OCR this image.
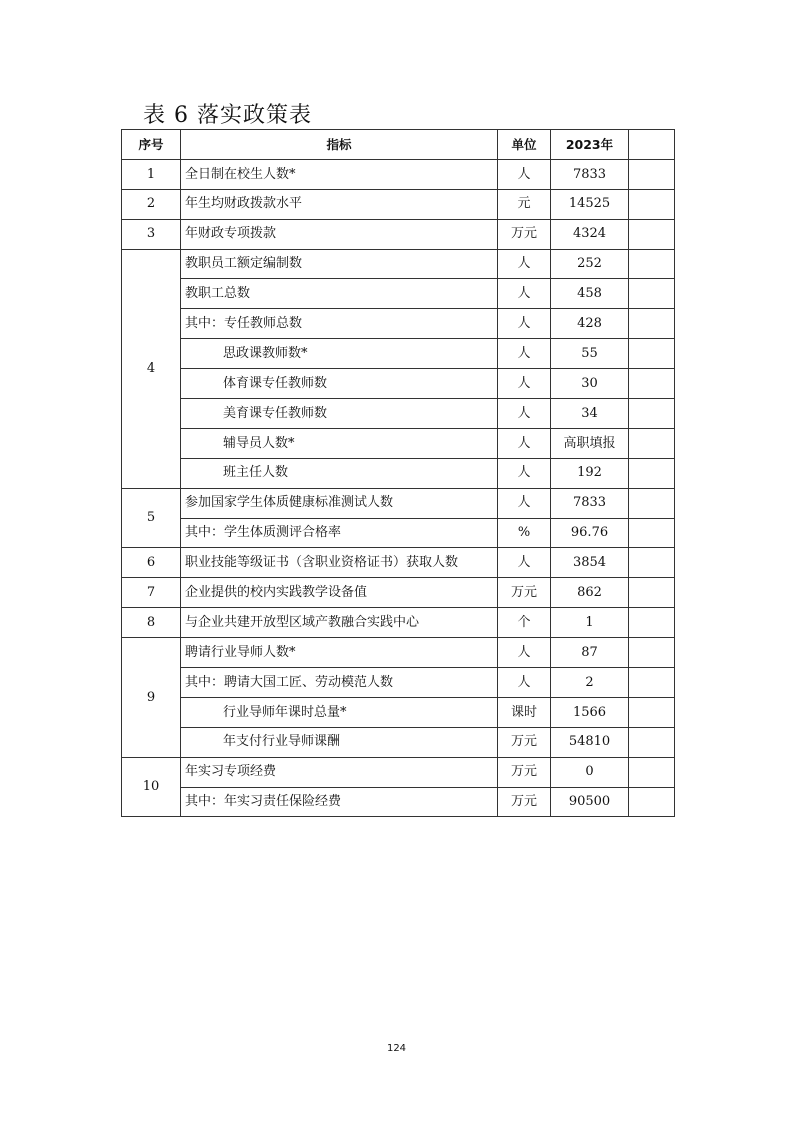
表 6 落实政策表
序号	指标	单位	2023年	
1	全日制在校生人数*	人	7833	
2	年生均财政拨款水平	元	14525	
3	年财政专项拨款	万元	4324	
4	教职员工额定编制数	人	252	
	教职工总数	人	458	
	其中：专任教师总数	人	428	
	思政课教师数*	人	55	
	体育课专任教师数	人	30	
	美育课专任教师数	人	34	
	辅导员人数*	人	高职填报	
	班主任人数	人	192	
5	参加国家学生体质健康标准测试人数	人	7833	
	其中：学生体质测评合格率	%	96.76	
6	职业技能等级证书（含职业资格证书）获取人数	人	3854	
7	企业提供的校内实践教学设备值	万元	862	
8	与企业共建开放型区域产教融合实践中心	个	1	
9	聘请行业导师人数*	人	87	
	其中：聘请大国工匠、劳动模范人数	人	2	
	行业导师年课时总量*	课时	1566	
	年支付行业导师课酬	万元	54810	
10	年实习专项经费	万元	0	
	其中：年实习责任保险经费	万元	90500	
124
